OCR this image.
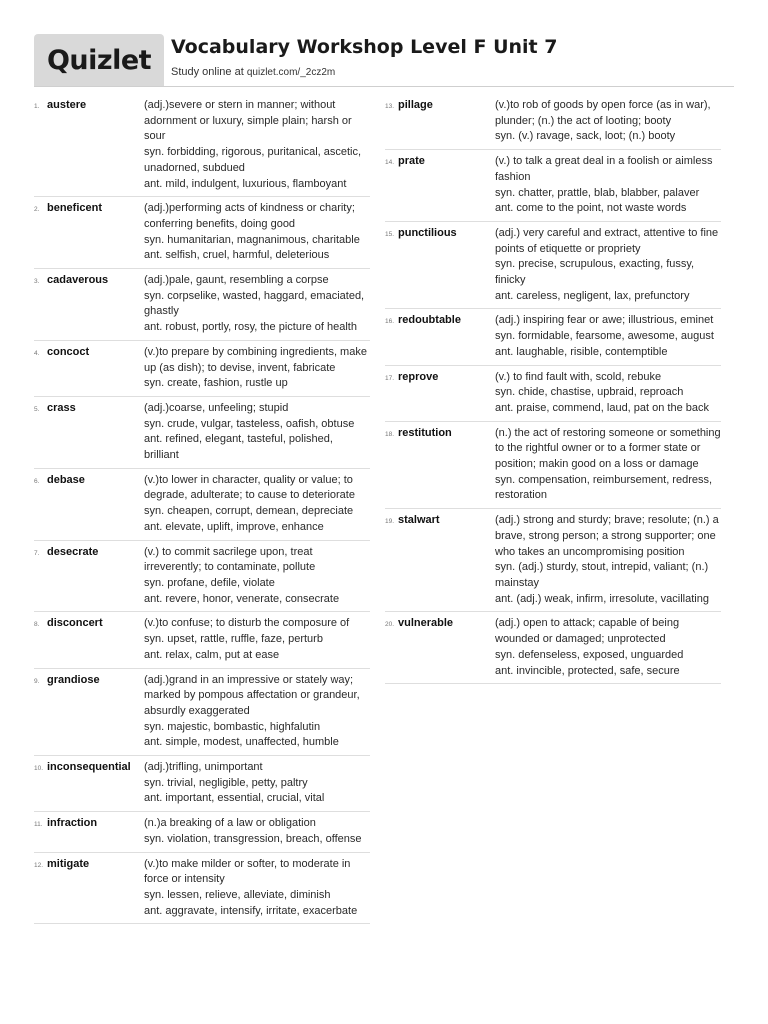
Quizlet	Vocabulary Workshop Level F Unit 7
Study online at quizlet.com/_2cz2m
1. austere	(adj.)severe or stern in manner; without adornment or luxury, simple plain; harsh or sour
syn. forbidding, rigorous, puritanical, ascetic, unadorned, subdued
ant. mild, indulgent, luxurious, flamboyant
2. beneficent	(adj.)performing acts of kindness or charity; conferring benefits, doing good
syn. humanitarian, magnanimous, charitable
ant. selfish, cruel, harmful, deleterious
3. cadaverous	(adj.)pale, gaunt, resembling a corpse
syn. corpselike, wasted, haggard, emaciated, ghastly
ant. robust, portly, rosy, the picture of health
4. concoct	(v.)to prepare by combining ingredients, make up (as dish); to devise, invent, fabricate
syn. create, fashion, rustle up
5. crass	(adj.)coarse, unfeeling; stupid
syn. crude, vulgar, tasteless, oafish, obtuse
ant. refined, elegant, tasteful, polished, brilliant
6. debase	(v.)to lower in character, quality or value; to degrade, adulterate; to cause to deteriorate
syn. cheapen, corrupt, demean, depreciate
ant. elevate, uplift, improve, enhance
7. desecrate	(v.) to commit sacrilege upon, treat irreverently; to contaminate, pollute
syn. profane, defile, violate
ant. revere, honor, venerate, consecrate
8. disconcert	(v.)to confuse; to disturb the composure of
syn. upset, rattle, ruffle, faze, perturb
ant. relax, calm, put at ease
9. grandiose	(adj.)grand in an impressive or stately way; marked by pompous affectation or grandeur, absurdly exaggerated
syn. majestic, bombastic, highfalutin
ant. simple, modest, unaffected, humble
10. inconsequential	(adj.)trifling, unimportant
syn. trivial, negligible, petty, paltry
ant. important, essential, crucial, vital
11. infraction	(n.)a breaking of a law or obligation
syn. violation, transgression, breach, offense
12. mitigate	(v.)to make milder or softer, to moderate in force or intensity
syn. lessen, relieve, alleviate, diminish
ant. aggravate, intensify, irritate, exacerbate
13. pillage	(v.)to rob of goods by open force (as in war), plunder; (n.) the act of looting; booty
syn. (v.) ravage, sack, loot; (n.) booty
14. prate	(v.) to talk a great deal in a foolish or aimless fashion
syn. chatter, prattle, blab, blabber, palaver
ant. come to the point, not waste words
15. punctilious	(adj.) very careful and extract, attentive to fine points of etiquette or propriety
syn. precise, scrupulous, exacting, fussy, finicky
ant. careless, negligent, lax, prefunctory
16. redoubtable	(adj.) inspiring fear or awe; illustrious, eminet
syn. formidable, fearsome, awesome, august
ant. laughable, risible, contemptible
17. reprove	(v.) to find fault with, scold, rebuke
syn. chide, chastise, upbraid, reproach
ant. praise, commend, laud, pat on the back
18. restitution	(n.) the act of restoring someone or something to the rightful owner or to a former state or position; makin good on a loss or damage
syn. compensation, reimbursement, redress, restoration
19. stalwart	(adj.) strong and sturdy; brave; resolute; (n.) a brave, strong person; a strong supporter; one who takes an uncompromising position
syn. (adj.) sturdy, stout, intrepid, valiant; (n.) mainstay
ant. (adj.) weak, infirm, irresolute, vacillating
20. vulnerable	(adj.) open to attack; capable of being wounded or damaged; unprotected
syn. defenseless, exposed, unguarded
ant. invincible, protected, safe, secure
